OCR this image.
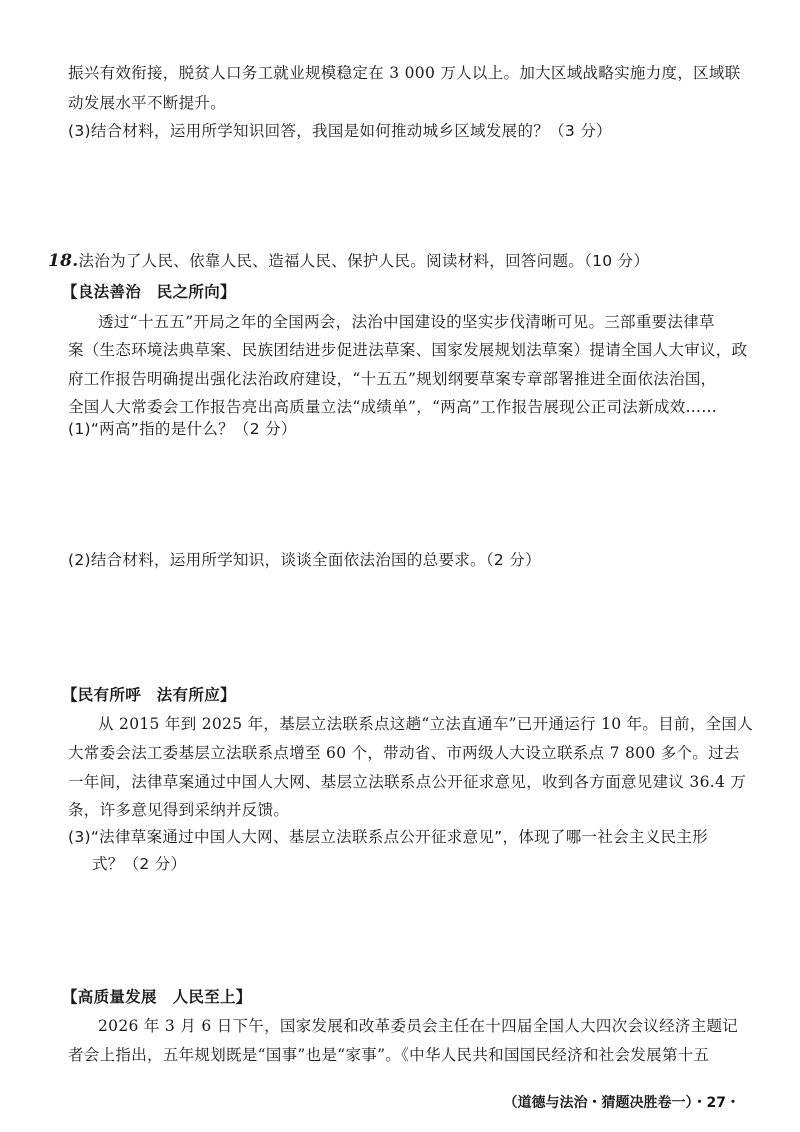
振兴有效衔接，脱贫人口务工就业规模稳定在 3 000 万人以上。加大区域战略实施力度，区域联
动发展水平不断提升。
(3)结合材料，运用所学知识回答，我国是如何推动城乡区域发展的？（3 分）
18.法治为了人民、依靠人民、造福人民、保护人民。阅读材料，回答问题。（10 分）
【良法善治　民之所向】
透过“十五五”开局之年的全国两会，法治中国建设的坚实步伐清晰可见。三部重要法律草
案（生态环境法典草案、民族团结进步促进法草案、国家发展规划法草案）提请全国人大审议，政
府工作报告明确提出强化法治政府建设，“十五五”规划纲要草案专章部署推进全面依法治国，
全国人大常委会工作报告亮出高质量立法“成绩单”，“两高”工作报告展现公正司法新成效……
(1)“两高”指的是什么？（2 分）
(2)结合材料，运用所学知识，谈谈全面依法治国的总要求。（2 分）
【民有所呼　法有所应】
从 2015 年到 2025 年，基层立法联系点这趟“立法直通车”已开通运行 10 年。目前，全国人
大常委会法工委基层立法联系点增至 60 个，带动省、市两级人大设立联系点 7 800 多个。过去
一年间，法律草案通过中国人大网、基层立法联系点公开征求意见，收到各方面意见建议 36.4 万
条，许多意见得到采纳并反馈。
(3)“法律草案通过中国人大网、基层立法联系点公开征求意见”，体现了哪一社会主义民主形
式？（2 分）
【高质量发展　人民至上】
2026 年 3 月 6 日下午，国家发展和改革委员会主任在十四届全国人大四次会议经济主题记
者会上指出，五年规划既是“国事”也是“家事”。《中华人民共和国国民经济和社会发展第十五
（道德与法治・猜题决胜卷一）・27・
